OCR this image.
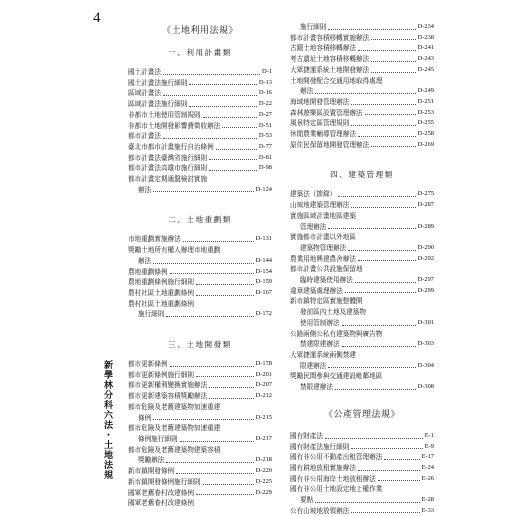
4
新學林分科六法・土地法規
《土地利用法規》
一、利用計畫類
國土計畫法	D-1
國土計畫法施行細則	D-13
區域計畫法	D-16
區域計畫法施行細則	D-22
非都市土地使用管制規則	D-27
非都市土地開發影響費徵收辦法	D-51
都市計畫法	D-53
臺北市都市計畫施行自治條例	D-77
都市計畫法臺灣省施行細則	D-81
都市計畫法高雄市施行細則	D-98
都市計畫定期通盤檢討實施
辦法	D-124
二、土地重劃類
市地重劃實施辦法	D-131
獎勵土地所有權人辦理市地重劃
辦法	D-144
農地重劃條例	D-154
農地重劃條例施行細則	D-159
農村社區土地重劃條例	D-167
農村社區土地重劃條例
施行細則	D-172
三、土地開發類
都市更新條例	D-178
都市更新條例施行細則	D-201
都市更新權利變換實施辦法	D-207
都市更新建築容積獎勵辦法	D-212
都市危險及老舊建築物加速重建
條例	D-215
都市危險及老舊建築物加速重建
條例施行細則	D-217
都市危險及老舊建築物建築容積
獎勵辦法	D-218
新市鎮開發條例	D-220
新市鎮開發條例施行細則	D-225
國軍老舊眷村改建條例	D-229
國軍老舊眷村改建條例
施行細則	D-234
都市計畫容積移轉實施辦法	D-238
古蹟土地容積移轉辦法	D-241
考古遺址土地容積移轉辦法	D-243
大眾捷運系統土地開發辦法	D-245
土地開發配合交通用地取得處理
辦法	D-249
海域地開發管理辦法	D-251
森林遊樂區設置管理辦法	D-253
風景特定區管理規則	D-255
休閒農業輔導管理辦法	D-258
原住民保留地開發管理辦法	D-269
四、建築管理類
建築法（節錄）	D-275
山坡地建築管理辦法	D-287
實施區域計畫地區建築
管理辦法	D-289
實施都市計畫以外地區
建築物管理辦法	D-290
農業用地興建農舍辦法	D-292
都市計畫公共設施保留地
臨時建築使用辦法	D-297
違章建築處理辦法	D-299
新市鎮特定區實施整體開
發前區內土地及建築物
使用管制辦法	D-301
公路兩側公私有建築物與廣告物
禁建限建辦法	D-303
大眾捷運系統兩側禁建
限建辦法	D-304
獎勵民間參與交通建設毗鄰地區
禁限建辦法	D-308
《公產管理法規》
國有財產法	E-1
國有財產法施行細則	E-9
國有非公用不動產出租管理辦法	E-17
國有耕地放租實施辦法	E-24
國有非公用海岸土地放租辦法	E-26
國有非公用土地設定地上權作業
要點	E-28
公有山坡地放領辦法	E-33
